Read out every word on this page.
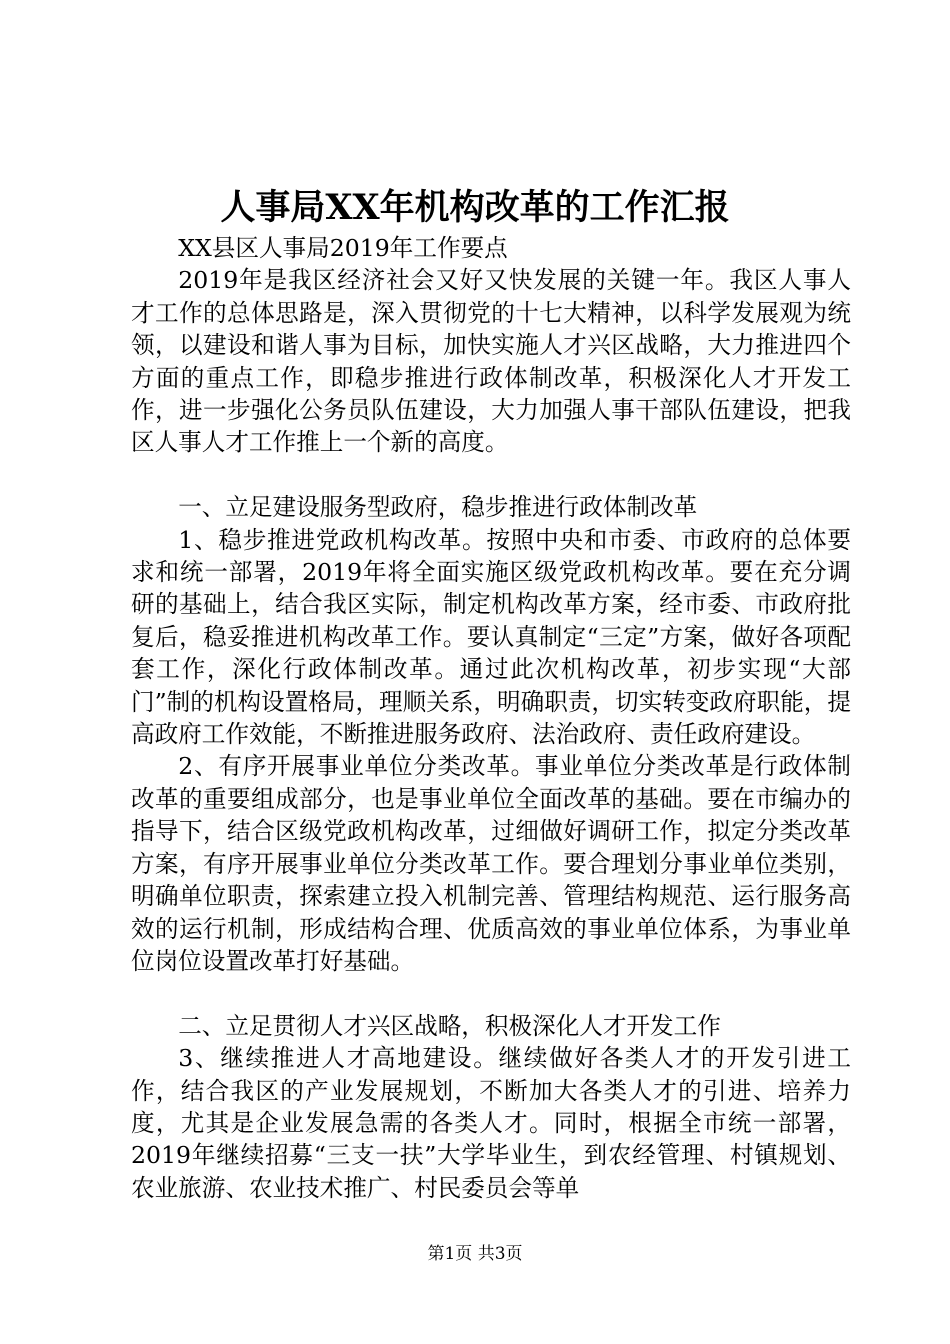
人事局XX年机构改革的工作汇报

XX县区人事局2019年工作要点

2019年是我区经济社会又好又快发展的关键一年。我区人事人才工作的总体思路是，深入贯彻党的十七大精神，以科学发展观为统领，以建设和谐人事为目标，加快实施人才兴区战略，大力推进四个方面的重点工作，即稳步推进行政体制改革，积极深化人才开发工作，进一步强化公务员队伍建设，大力加强人事干部队伍建设，把我区人事人才工作推上一个新的高度。

一、立足建设服务型政府，稳步推进行政体制改革

1、稳步推进党政机构改革。按照中央和市委、市政府的总体要求和统一部署，2019年将全面实施区级党政机构改革。要在充分调研的基础上，结合我区实际，制定机构改革方案，经市委、市政府批复后，稳妥推进机构改革工作。要认真制定“三定”方案，做好各项配套工作，深化行政体制改革。通过此次机构改革，初步实现“大部门”制的机构设置格局，理顺关系，明确职责，切实转变政府职能，提高政府工作效能，不断推进服务政府、法治政府、责任政府建设。

2、有序开展事业单位分类改革。事业单位分类改革是行政体制改革的重要组成部分，也是事业单位全面改革的基础。要在市编办的指导下，结合区级党政机构改革，过细做好调研工作，拟定分类改革方案，有序开展事业单位分类改革工作。要合理划分事业单位类别，明确单位职责，探索建立投入机制完善、管理结构规范、运行服务高效的运行机制，形成结构合理、优质高效的事业单位体系，为事业单位岗位设置改革打好基础。

二、立足贯彻人才兴区战略，积极深化人才开发工作

3、继续推进人才高地建设。继续做好各类人才的开发引进工作，结合我区的产业发展规划，不断加大各类人才的引进、培养力度，尤其是企业发展急需的各类人才。同时，根据全市统一部署，2019年继续招募“三支一扶”大学毕业生，到农经管理、村镇规划、农业旅游、农业技术推广、村民委员会等单

第1页 共3页
